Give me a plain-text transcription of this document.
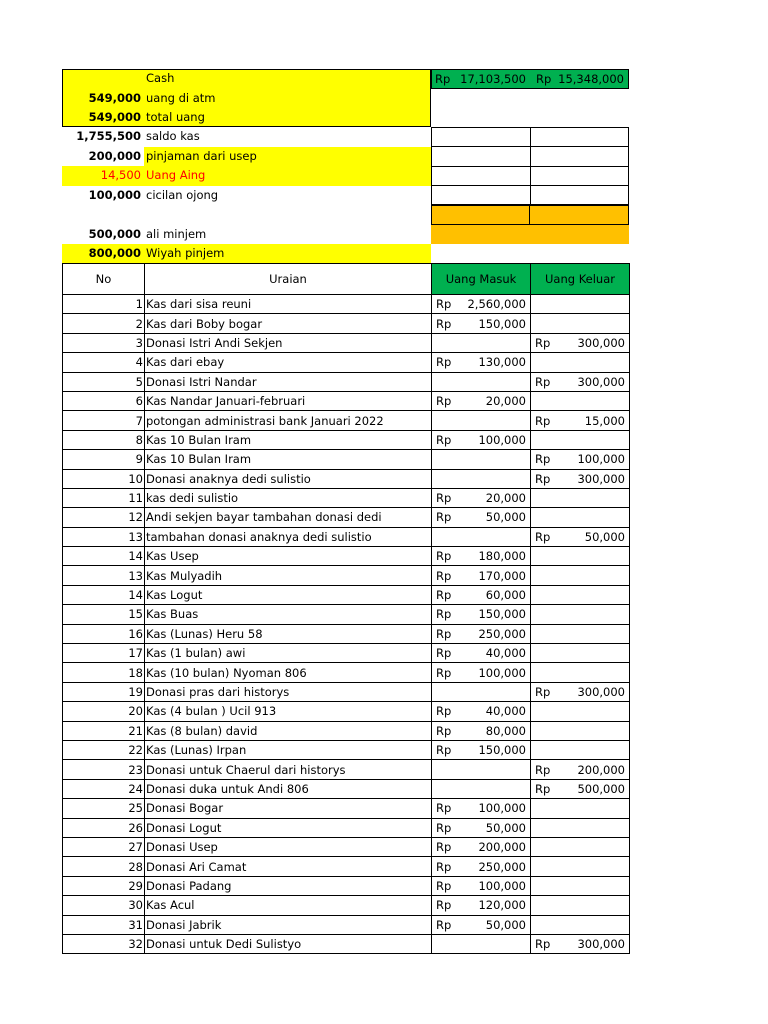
Cash
549,000 uang di atm
549,000 total uang
Rp 17,103,500 Rp 15,348,000
1,755,500 saldo kas
200,000 pinjaman dari usep
14,500 Uang Aing
100,000 cicilan ojong
500,000 ali minjem
800,000 Wiyah pinjem
No	Uraian	Uang Masuk	Uang Keluar
1	Kas dari sisa reuni	Rp 2,560,000	

2	Kas dari Boby bogar	Rp 150,000	

3	Donasi Istri Andi Sekjen		Rp 300,000

4	Kas dari ebay	Rp 130,000	

5	Donasi Istri Nandar		Rp 300,000

6	Kas Nandar Januari-februari	Rp 20,000	

7	potongan administrasi bank Januari 2022		Rp 15,000

8	Kas 10 Bulan Iram	Rp 100,000	

9	Kas 10 Bulan Iram		Rp 100,000

10	Donasi anaknya dedi sulistio		Rp 300,000

11	kas dedi sulistio	Rp 20,000	

12	Andi sekjen bayar tambahan donasi dedi	Rp 50,000	

13	tambahan donasi anaknya dedi sulistio		Rp 50,000

14	Kas Usep	Rp 180,000	

13	Kas Mulyadih	Rp 170,000	

14	Kas Logut	Rp 60,000	

15	Kas Buas	Rp 150,000	

16	Kas (Lunas) Heru 58	Rp 250,000	

17	Kas (1 bulan) awi	Rp 40,000	

18	Kas (10 bulan) Nyoman 806	Rp 100,000	

19	Donasi pras dari historys		Rp 300,000

20	Kas (4 bulan ) Ucil 913	Rp 40,000	

21	Kas (8 bulan) david	Rp 80,000	

22	Kas (Lunas) Irpan	Rp 150,000	

23	Donasi untuk Chaerul dari historys		Rp 200,000

24	Donasi duka untuk Andi 806		Rp 500,000

25	Donasi Bogar	Rp 100,000	

26	Donasi Logut	Rp 50,000	

27	Donasi Usep	Rp 200,000	

28	Donasi Ari Camat	Rp 250,000	

29	Donasi Padang	Rp 100,000	

30	Kas Acul	Rp 120,000	

31	Donasi Jabrik	Rp 50,000	

32	Donasi untuk Dedi Sulistyo		Rp 300,000
